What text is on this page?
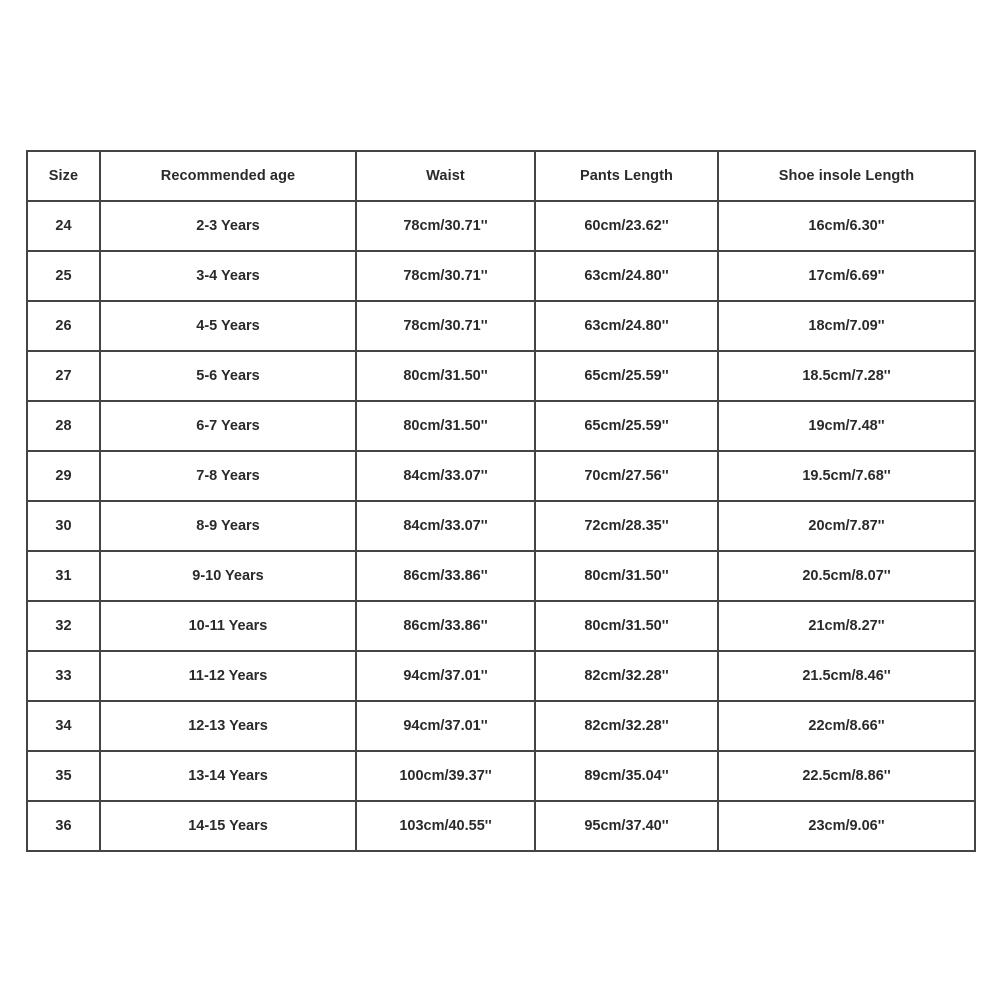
Size	Recommended age	Waist	Pants Length	Shoe insole Length
24	2-3 Years	78cm/30.71''	60cm/23.62''	16cm/6.30''
25	3-4 Years	78cm/30.71''	63cm/24.80''	17cm/6.69''
26	4-5 Years	78cm/30.71''	63cm/24.80''	18cm/7.09''
27	5-6 Years	80cm/31.50''	65cm/25.59''	18.5cm/7.28''
28	6-7 Years	80cm/31.50''	65cm/25.59''	19cm/7.48''
29	7-8 Years	84cm/33.07''	70cm/27.56''	19.5cm/7.68''
30	8-9 Years	84cm/33.07''	72cm/28.35''	20cm/7.87''
31	9-10 Years	86cm/33.86''	80cm/31.50''	20.5cm/8.07''
32	10-11 Years	86cm/33.86''	80cm/31.50''	21cm/8.27''
33	11-12 Years	94cm/37.01''	82cm/32.28''	21.5cm/8.46''
34	12-13 Years	94cm/37.01''	82cm/32.28''	22cm/8.66''
35	13-14 Years	100cm/39.37''	89cm/35.04''	22.5cm/8.86''
36	14-15 Years	103cm/40.55''	95cm/37.40''	23cm/9.06''
